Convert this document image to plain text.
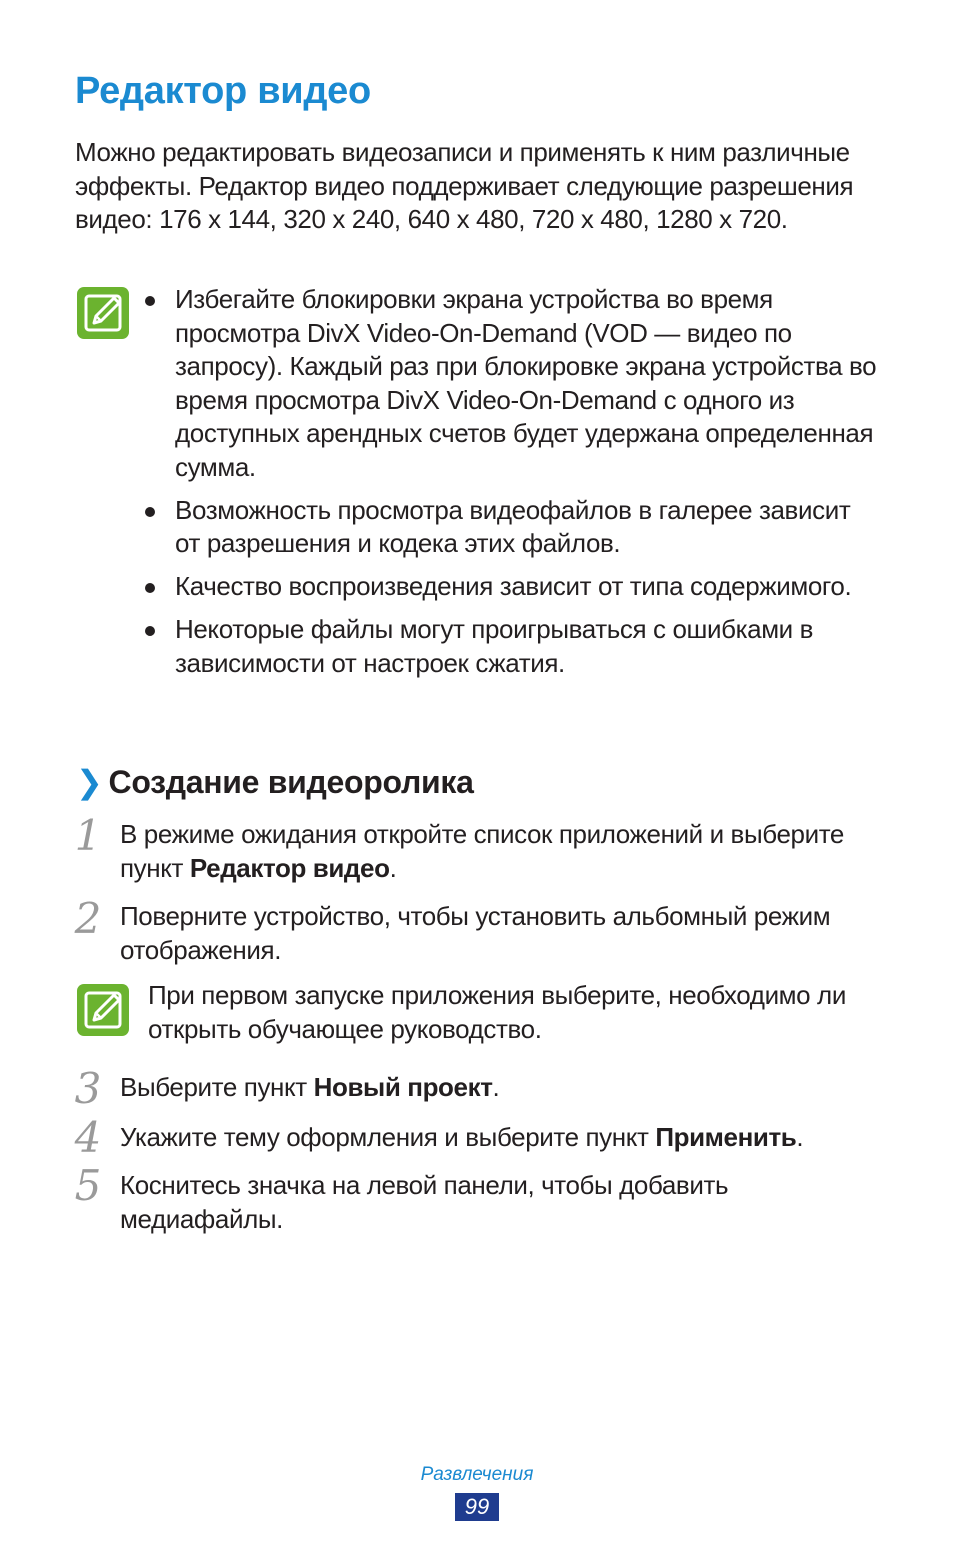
Редактор видео

Можно редактировать видеозаписи и применять к ним различные эффекты. Редактор видео поддерживает следующие разрешения видео: 176 x 144, 320 x 240, 640 x 480, 720 x 480, 1280 x 720.

Избегайте блокировки экрана устройства во время просмотра DivX Video-On-Demand (VOD — видео по запросу). Каждый раз при блокировке экрана устройства во время просмотра DivX Video-On-Demand с одного из доступных арендных счетов будет удержана определенная сумма.
Возможность просмотра видеофайлов в галерее зависит от разрешения и кодека этих файлов.
Качество воспроизведения зависит от типа содержимого.
Некоторые файлы могут проигрываться с ошибками в зависимости от настроек сжатия.
❯ Создание видеоролика
1 В режиме ожидания откройте список приложений и выберите пункт Редактор видео.

2 Поверните устройство, чтобы установить альбомный режим отображения.

При первом запуске приложения выберите, необходимо ли открыть обучающее руководство.

3 Выберите пункт Новый проект.

4 Укажите тему оформления и выберите пункт Применить.

5 Коснитесь значка на левой панели, чтобы добавить медиафайлы.

Развлечения
99
